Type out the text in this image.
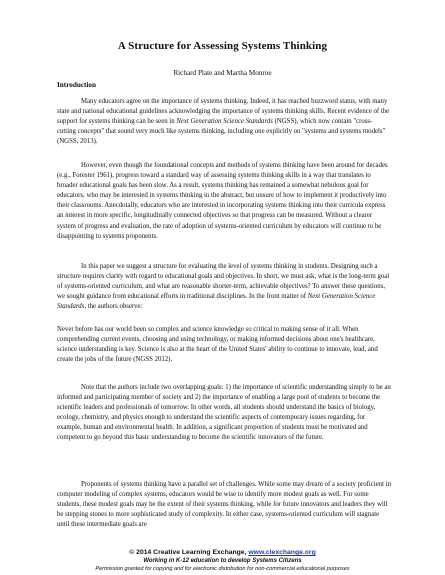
A Structure for Assessing Systems Thinking
Richard Plate and Martha Monroe
Introduction

Many educators agree on the importance of systems thinking. Indeed, it has reached buzzword status, with many state and national educational guidelines acknowledging the importance of systems thinking skills. Recent evidence of the support for systems thinking can be seen in Next Generation Science Standards (NGSS), which now contain "cross-cutting concepts" that sound very much like systems thinking, including one explicitly on "systems and systems models" (NGSS, 2013).

However, even though the foundational concepts and methods of systems thinking have been around for decades (e.g., Forester 1961), progress toward a standard way of assessing systems thinking skills in a way that translates to broader educational goals has been slow. As a result, systems thinking has remained a somewhat nebulous goal for educators, who may be interested in systems thinking in the abstract, but unsure of how to implement it productively into their classrooms. Anecdotally, educators who are interested in incorporating systems thinking into their curricula express an interest in more specific, longitudinally connected objectives so that progress can be measured. Without a clearer system of progress and evaluation, the rate of adoption of systems-oriented curriculum by educators will continue to be disappointing to systems proponents.

In this paper we suggest a structure for evaluating the level of systems thinking in students. Designing such a structure requires clarity with regard to educational goals and objectives. In short, we must ask, what is the long-term goal of systems-oriented curriculum, and what are reasonable shorter-term, achievable objectives? To answer these questions, we sought guidance from educational efforts in traditional disciplines. In the front matter of Next Generation Science Standards, the authors observe:

Never before has our world been so complex and science knowledge so critical to making sense of it all. When comprehending current events, choosing and using technology, or making informed decisions about one's healthcare, science understanding is key. Science is also at the heart of the United States' ability to continue to innovate, lead, and create the jobs of the future (NGSS 2012).

Note that the authors include two overlapping goals: 1) the importance of scientific understanding simply to be an informed and participating member of society and 2) the importance of enabling a large pool of students to become the scientific leaders and professionals of tomorrow. In other words, all students should understand the basics of biology, ecology, chemistry, and physics enough to understand the scientific aspects of contemporary issues regarding, for example, human and environmental health. In addition, a significant proportion of students must be motivated and competent to go beyond this basic understanding to become the scientific innovators of the future.

Proponents of systems thinking have a parallel set of challenges. While some may dream of a society proficient in computer modeling of complex systems, educators would be wise to identify more modest goals as well. For some students, these modest goals may be the extent of their systems thinking, while for future innovators and leaders they will be stepping stones to more sophisticated study of complexity. In either case, systems-oriented curriculum will stagnate until these intermediate goals are

© 2014 Creative Learning Exchange, www.clexchange.org
Working in K-12 education to develop Systems Citizens
Permission granted for copying and for electronic distribution for non-commercial educational purposes
